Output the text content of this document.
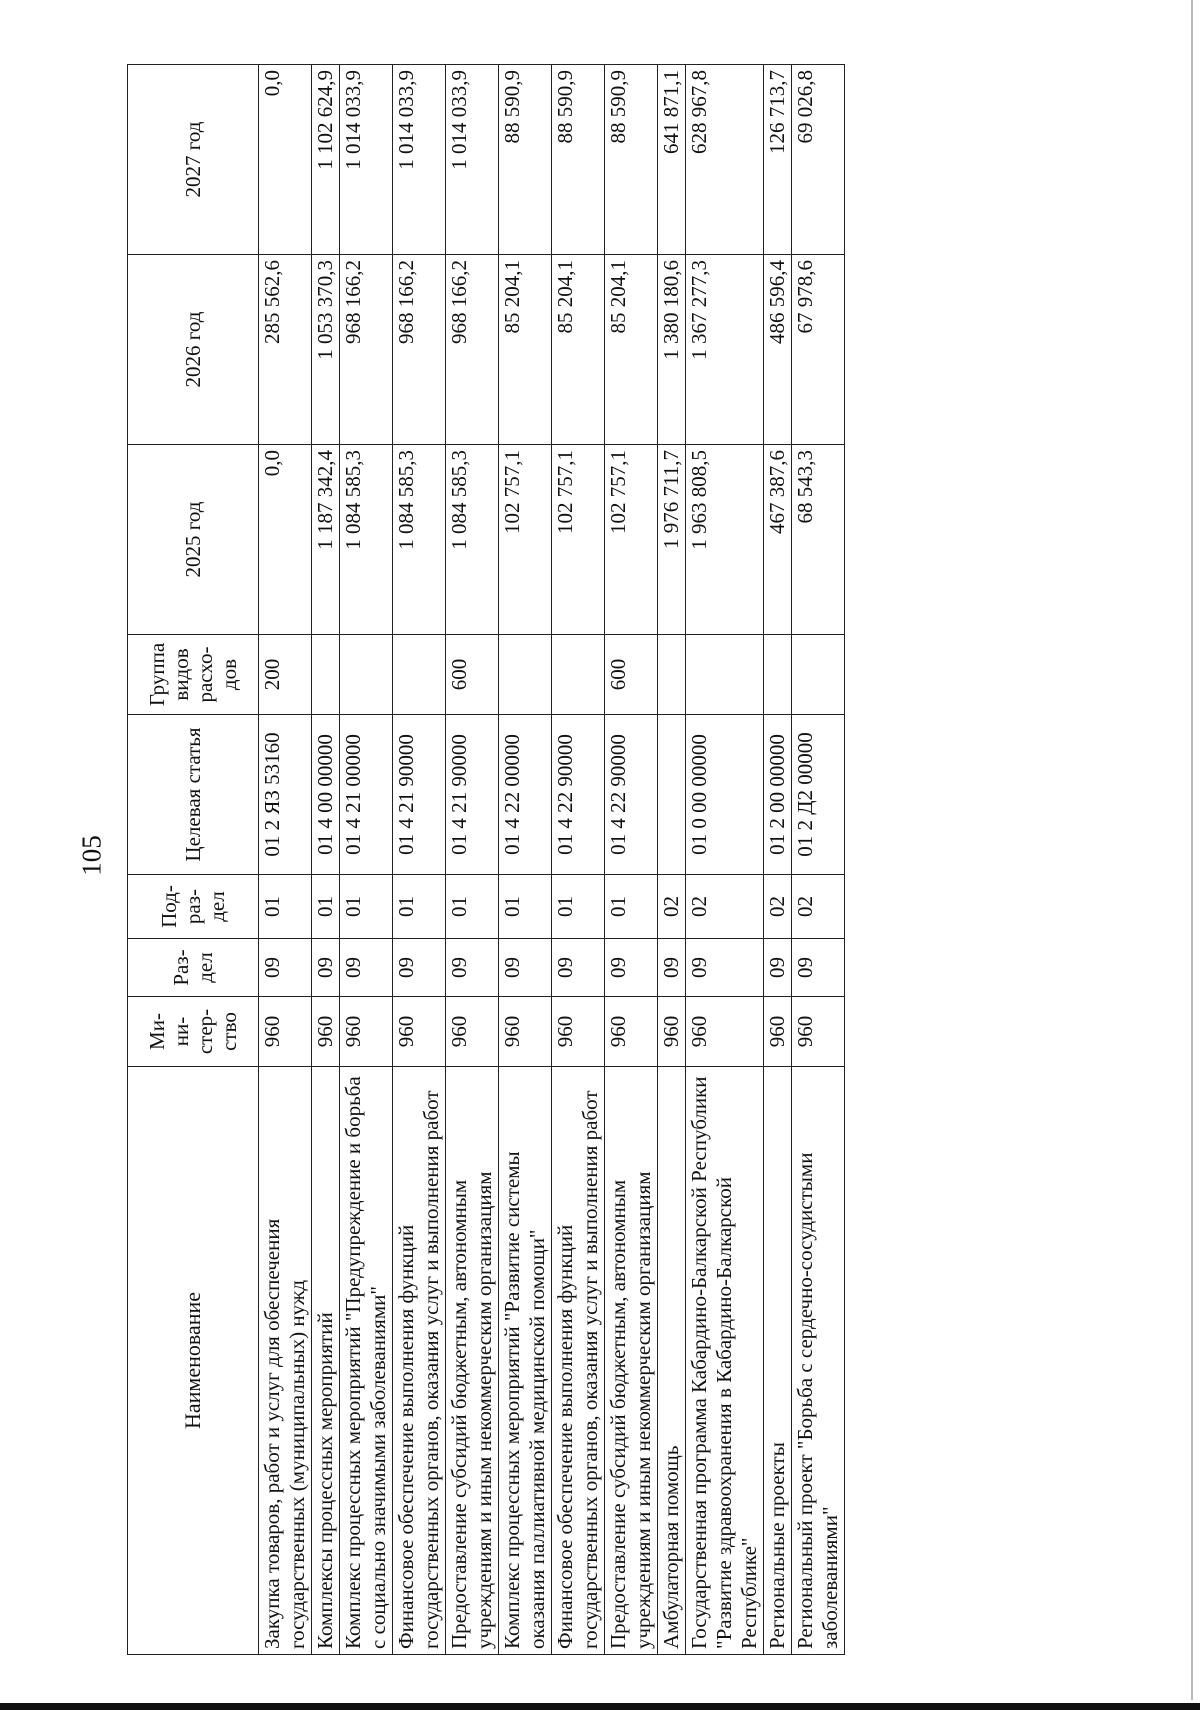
105
Наименование	Ми-ни-стер-ство	Раз-дел	Под-раз-дел	Целевая статья	Группа видов расхо-дов	2025 год	2026 год	2027 год
Закупка товаров, работ и услуг для обеспечения государственных (муниципальных) нужд	960	09	01	01 2 ЯЗ 53160	200	0,0	285 562,6	0,0
Комплексы процессных мероприятий	960	09	01	01 4 00 00000		1 187 342,4	1 053 370,3	1 102 624,9
Комплекс процессных мероприятий "Предупреждение и борьба с социально значимыми заболеваниями"	960	09	01	01 4 21 00000		1 084 585,3	968 166,2	1 014 033,9
Финансовое обеспечение выполнения функций государственных органов, оказания услуг и выполнения работ	960	09	01	01 4 21 90000		1 084 585,3	968 166,2	1 014 033,9
Предоставление субсидий бюджетным, автономным учреждениям и иным некоммерческим организациям	960	09	01	01 4 21 90000	600	1 084 585,3	968 166,2	1 014 033,9
Комплекс процессных мероприятий "Развитие системы оказания паллиативной медицинской помощи"	960	09	01	01 4 22 00000		102 757,1	85 204,1	88 590,9
Финансовое обеспечение выполнения функций государственных органов, оказания услуг и выполнения работ	960	09	01	01 4 22 90000		102 757,1	85 204,1	88 590,9
Предоставление субсидий бюджетным, автономным учреждениям и иным некоммерческим организациям	960	09	01	01 4 22 90000	600	102 757,1	85 204,1	88 590,9
Амбулаторная помощь	960	09	02			1 976 711,7	1 380 180,6	641 871,1
Государственная программа Кабардино-Балкарской Республики "Развитие здравоохранения в Кабардино-Балкарской Республике"	960	09	02	01 0 00 00000		1 963 808,5	1 367 277,3	628 967,8
Региональные проекты	960	09	02	01 2 00 00000		467 387,6	486 596,4	126 713,7
Региональный проект "Борьба с сердечно-сосудистыми заболеваниями"	960	09	02	01 2 Д2 00000		68 543,3	67 978,6	69 026,8
